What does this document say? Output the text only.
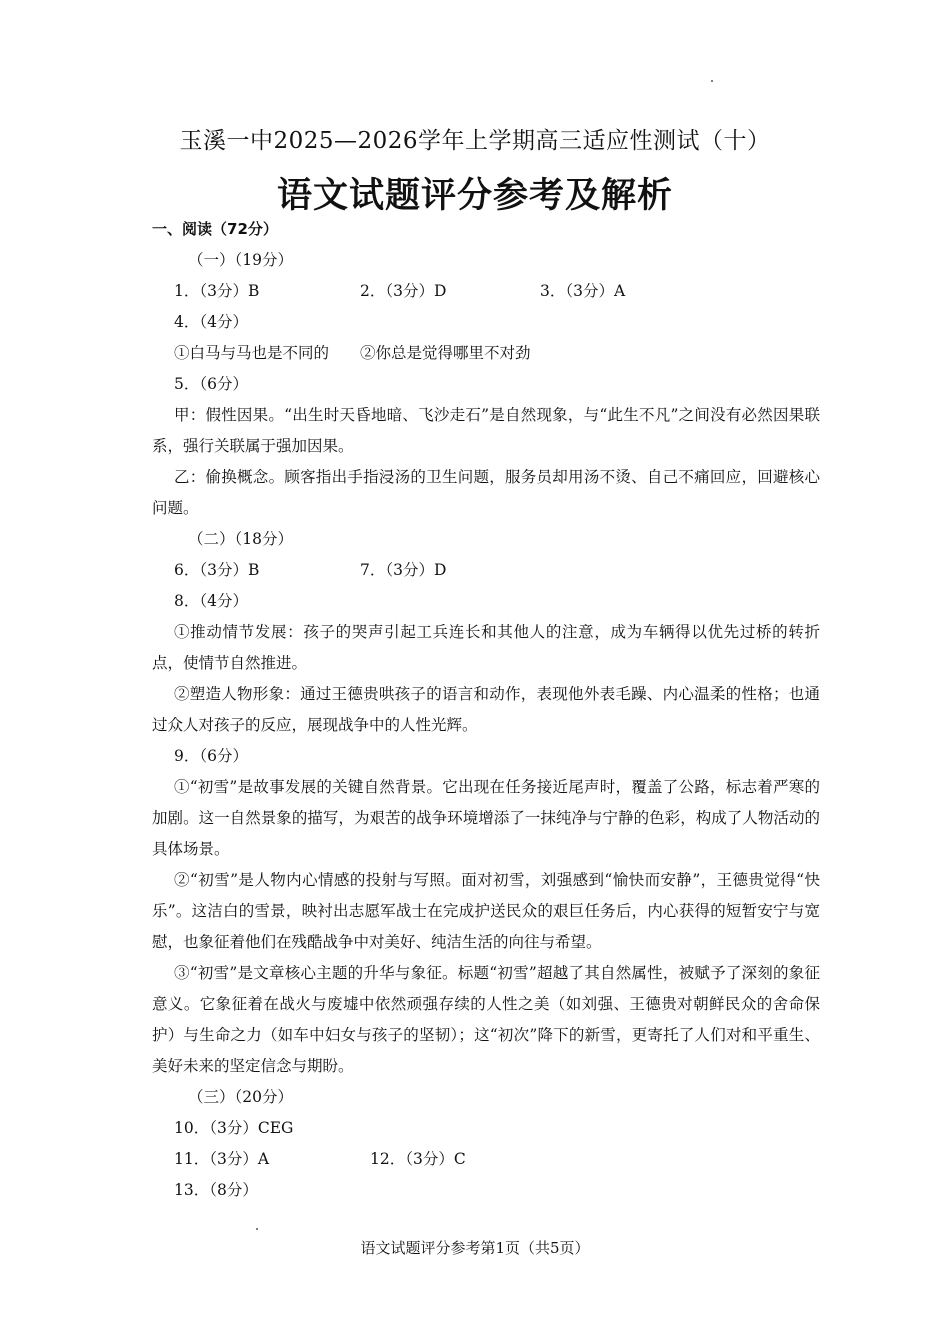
玉溪一中2025—2026学年上学期高三适应性测试（十）
语文试题评分参考及解析

一、阅读（72分）

（一）（19分）

1．（3分）B	2．（3分）D	3．（3分）A

4．（4分）

①白马与马也是不同的　　②你总是觉得哪里不对劲

5．（6分）

甲：假性因果。“出生时天昏地暗、飞沙走石”是自然现象，与“此生不凡”之间没有必然因果联系，强行关联属于强加因果。

乙：偷换概念。顾客指出手指浸汤的卫生问题，服务员却用汤不烫、自己不痛回应，回避核心问题。

（二）（18分）

6．（3分）B	7．（3分）D

8．（4分）

①推动情节发展：孩子的哭声引起工兵连长和其他人的注意，成为车辆得以优先过桥的转折点，使情节自然推进。

②塑造人物形象：通过王德贵哄孩子的语言和动作，表现他外表毛躁、内心温柔的性格；也通过众人对孩子的反应，展现战争中的人性光辉。

9．（6分）

①“初雪”是故事发展的关键自然背景。它出现在任务接近尾声时，覆盖了公路，标志着严寒的加剧。这一自然景象的描写，为艰苦的战争环境增添了一抹纯净与宁静的色彩，构成了人物活动的具体场景。

②“初雪”是人物内心情感的投射与写照。面对初雪，刘强感到“愉快而安静”，王德贵觉得“快乐”。这洁白的雪景，映衬出志愿军战士在完成护送民众的艰巨任务后，内心获得的短暂安宁与宽慰，也象征着他们在残酷战争中对美好、纯洁生活的向往与希望。

③“初雪”是文章核心主题的升华与象征。标题“初雪”超越了其自然属性，被赋予了深刻的象征意义。它象征着在战火与废墟中依然顽强存续的人性之美（如刘强、王德贵对朝鲜民众的舍命保护）与生命之力（如车中妇女与孩子的坚韧）；这“初次”降下的新雪，更寄托了人们对和平重生、美好未来的坚定信念与期盼。

（三）（20分）

10．（3分）CEG

11．（3分）A	12．（3分）C

13．（8分）

语文试题评分参考第1页（共5页）
